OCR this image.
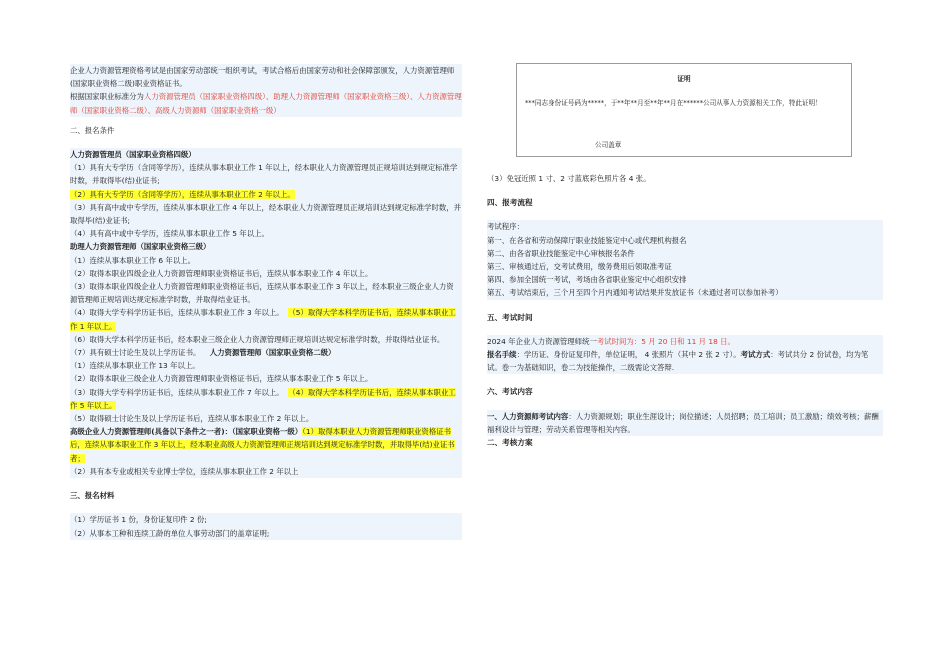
企业人力资源管理资格考试是由国家劳动部统一组织考试，考试合格后由国家劳动和社会保障部颁发，人力资源管理师(国家职业资格二级)职业资格证书。

根据国家职业标准分为人力资源管理员（国家职业资格四级）、助理人力资源管理师（国家职业资格三级）、人力资源管理师（国家职业资格二级）、高级人力资源师（国家职业资格一级）

二、报名条件

人力资源管理员（国家职业资格四级）

（1）具有大专学历（含同等学历），连续从事本职业工作 1 年以上，经本职业人力资源管理员正规培训达到规定标准学时数，并取得毕(结)业证书;

（2）具有大专学历（含同等学历），连续从事本职业工作 2 年以上。

（3）具有高中或中专学历，连续从事本职业工作 4 年以上，经本职业人力资源管理员正规培训达到规定标准学时数，并取得毕(结)业证书;

（4）具有高中或中专学历，连续从事本职业工作 5 年以上。

助理人力资源管理师（国家职业资格三级）

（1）连续从事本职业工作 6 年以上。

（2）取得本职业四级企业人力资源管理师职业资格证书后，连续从事本职业工作 4 年以上。

（3）取得本职业四级企业人力资源管理师职业资格证书后，连续从事本职业工作 3 年以上，经本职业三级企业人力资 源管理师正规培训达规定标准学时数，并取得结业证书。

（4）取得大学专科学历证书后，连续从事本职业工作 3 年以上。 （5）取得大学本科学历证书后，连续从事本职业工作 1 年以上。

（6）取得大学本科学历证书后，经本职业三级企业人力资源管理师正规培训达规定标准学时数，并取得结业证书。

（7）具有硕士讨论生及以上学历证书。 人力资源管理师（国家职业资格二级）

（1）连续从事本职业工作 13 年以上。

（2）取得本职业三级企业人力资源管理师职业资格证书后，连续从事本职业工作 5 年以上。

（3）取得大学专科学历证书后，连续从事本职业工作 7 年以上。 （4）取得大学本科学历证书后，连续从事本职业工作 5 年以上。

（5）取得硕士讨论生及以上学历证书后，连续从事本职业工作 2 年以上。

高级企业人力资源管理师(具备以下条件之一者)：（国家职业资格一级）（1）取得本职业人力资源管理师职业资格证书后，连续从事本职业工作 3 年以上，经本职业高级人力资源管理师正规培训达到规定标准学时数，并取得毕(结)业证书者；

（2）具有本专业或相关专业博士学位，连续从事本职业工作 2 年以上

三、报名材料

（1）学历证书 1 份，身份证复印件 2 份;

（2）从事本工种和连续工龄的单位人事劳动部门的盖章证明;

证明
***同志身份证号码为*****，于**年**月至**年**月在******公司从事人力资源相关工作，特此证明！
公司盖章

（3）免冠近照 1 寸、2 寸蓝底彩色照片各 4 张。

四、报考流程

考试程序：

第一、在各省和劳动保障厅职业技能鉴定中心或代理机构报名

第二、由各省职业技能鉴定中心审核报名条件

第三、审核通过后，交考试费用，缴务费用后领取准考证

第四、参加全国统一考试，考场由各省职业鉴定中心组织安排

第五、考试结束后，三个月至四个月内通知考试结果并发放证书（未通过者可以参加补考）

五、考试时间

2024 年企业人力资源管理师统一考试时间为：5 月 20 日和 11 月 18 日。

报名手续：学历证、身份证复印件，单位证明， 4 张照片（其中 2 张 2 寸）。考试方式：考试共分 2 份试卷，均为笔试。卷一为基础知识，卷二为技能操作，二级需论文答辩.

六、考试内容

一、人力资源师考试内容：人力资源规划；职业生涯设计；岗位描述；人员招聘；员工培训；员工激励；绩效考核；薪酬福利设计与管理；劳动关系管理等相关内容。

二、考核方案
